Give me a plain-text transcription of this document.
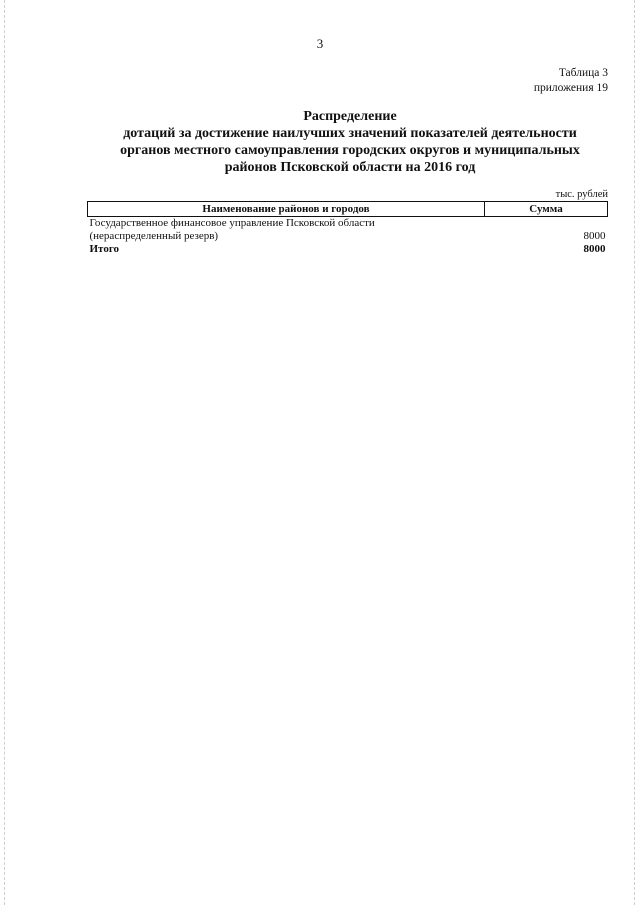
3
Таблица 3
приложения 19
Распределение
дотаций за достижение наилучших значений показателей деятельности
органов местного самоуправления городских округов и муниципальных
районов Псковской области на 2016 год
тыс. рублей
Наименование районов и городов	Сумма
Государственное финансовое управление Псковской области	
(нераспределенный резерв)	8000
Итого	8000
